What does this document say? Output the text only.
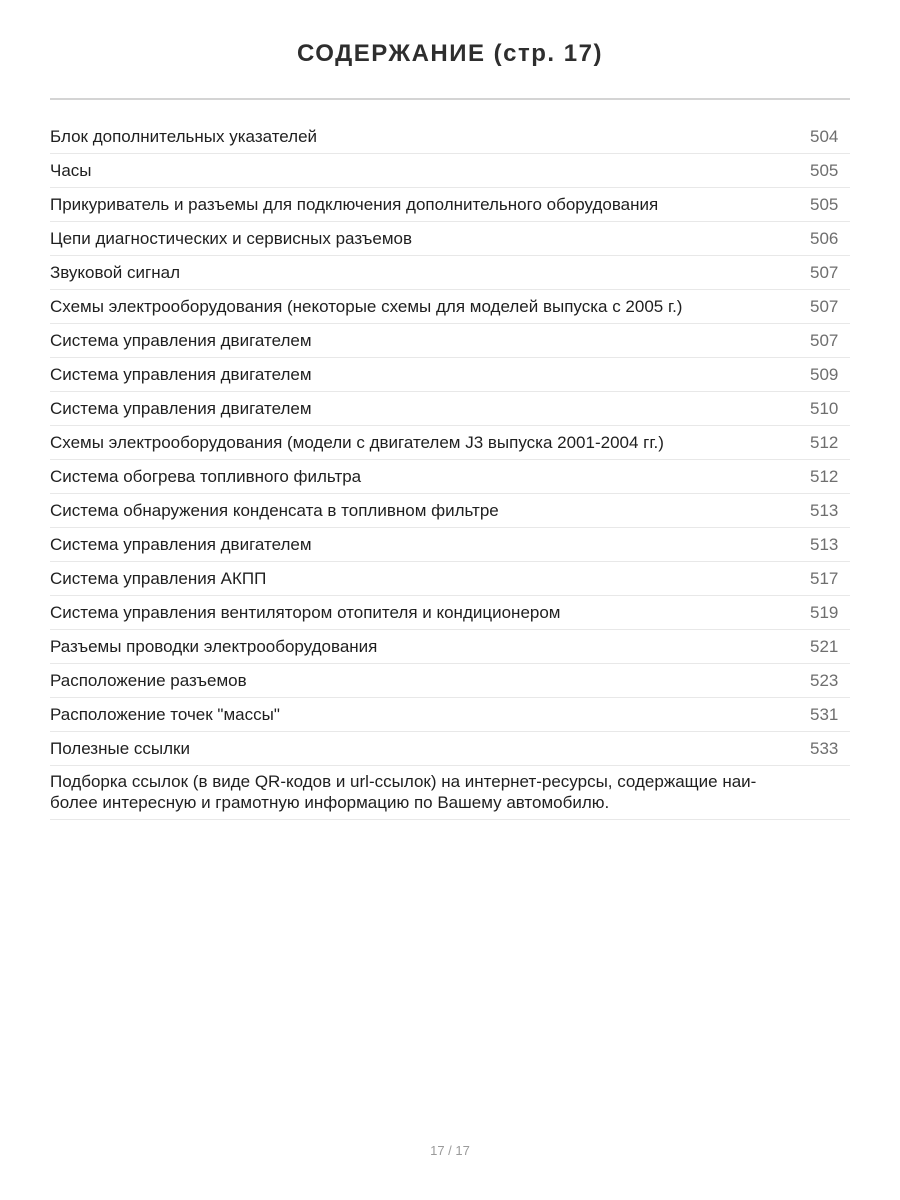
СОДЕРЖАНИЕ (стр. 17)
Блок дополнительных указателей	504
Часы	505
Прикуриватель и разъемы для подключения дополнительного оборудования	505
Цепи диагностических и сервисных разъемов	506
Звуковой сигнал	507
Схемы электрооборудования (некоторые схемы для моделей выпуска с 2005 г.)	507
Система управления двигателем	507
Система управления двигателем	509
Система управления двигателем	510
Схемы электрооборудования (модели с двигателем J3 выпуска 2001-2004 гг.)	512
Система обогрева топливного фильтра	512
Система обнаружения конденсата в топливном фильтре	513
Система управления двигателем	513
Система управления АКПП	517
Система управления вентилятором отопителя и кондиционером	519
Разъемы проводки электрооборудования	521
Расположение разъемов	523
Расположение точек "массы"	531
Полезные ссылки	533
Подборка ссылок (в виде QR-кодов и url-ссылок) на интернет-ресурсы, содержащие наи-
более интересную и грамотную информацию по Вашему автомобилю.
17 / 17
